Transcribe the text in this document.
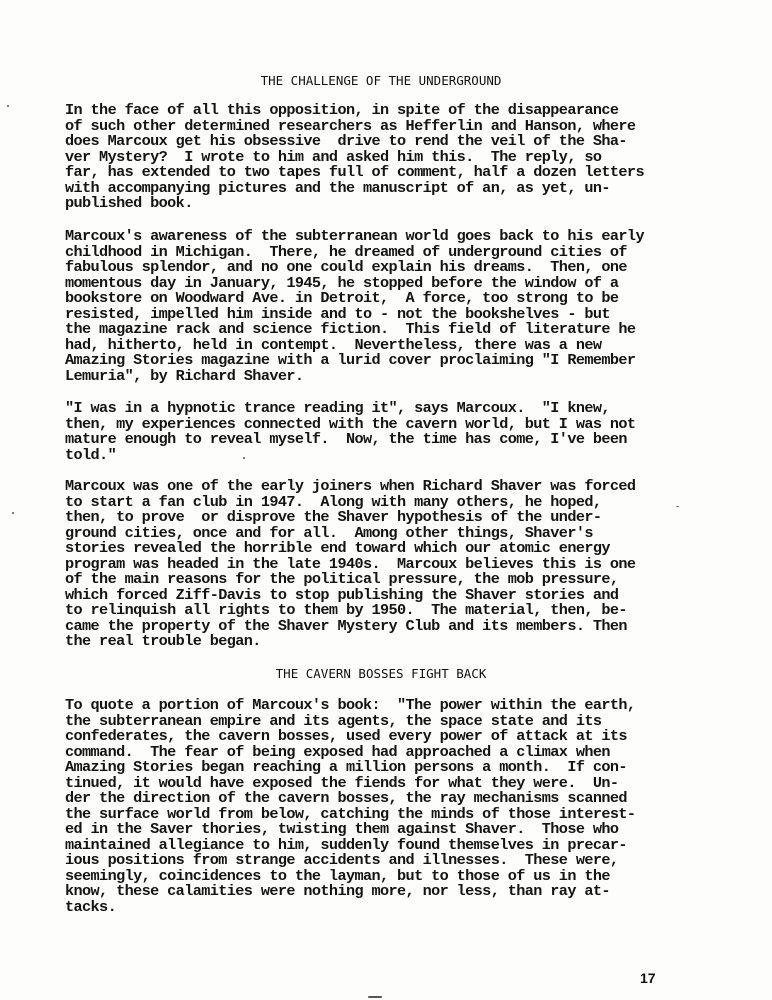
THE CHALLENGE OF THE UNDERGROUND

In the face of all this opposition, in spite of the disappearance
of such other determined researchers as Hefferlin and Hanson, where
does Marcoux get his obsessive  drive to rend the veil of the Sha-
ver Mystery?  I wrote to him and asked him this.  The reply, so
far, has extended to two tapes full of comment, half a dozen letters
with accompanying pictures and the manuscript of an, as yet, un-
published book.

Marcoux's awareness of the subterranean world goes back to his early
childhood in Michigan.  There, he dreamed of underground cities of
fabulous splendor, and no one could explain his dreams.  Then, one
momentous day in January, 1945, he stopped before the window of a
bookstore on Woodward Ave. in Detroit,  A force, too strong to be
resisted, impelled him inside and to - not the bookshelves - but
the magazine rack and science fiction.  This field of literature he
had, hitherto, held in contempt.  Nevertheless, there was a new
Amazing Stories magazine with a lurid cover proclaiming "I Remember
Lemuria", by Richard Shaver.

"I was in a hypnotic trance reading it", says Marcoux.  "I knew,
then, my experiences connected with the cavern world, but I was not
mature enough to reveal myself.  Now, the time has come, I've been
told."

Marcoux was one of the early joiners when Richard Shaver was forced
to start a fan club in 1947.  Along with many others, he hoped,
then, to prove  or disprove the Shaver hypothesis of the under-
ground cities, once and for all.  Among other things, Shaver's
stories revealed the horrible end toward which our atomic energy
program was headed in the late 1940s.  Marcoux believes this is one
of the main reasons for the political pressure, the mob pressure,
which forced Ziff-Davis to stop publishing the Shaver stories and
to relinquish all rights to them by 1950.  The material, then, be-
came the property of the Shaver Mystery Club and its members. Then
the real trouble began.

THE CAVERN BOSSES FIGHT BACK

To quote a portion of Marcoux's book:  "The power within the earth,
the subterranean empire and its agents, the space state and its
confederates, the cavern bosses, used every power of attack at its
command.  The fear of being exposed had approached a climax when
Amazing Stories began reaching a million persons a month.  If con-
tinued, it would have exposed the fiends for what they were.  Un-
der the direction of the cavern bosses, the ray mechanisms scanned
the surface world from below, catching the minds of those interest-
ed in the Saver thories, twisting them against Shaver.  Those who
maintained allegiance to him, suddenly found themselves in precar-
ious positions from strange accidents and illnesses.  These were,
seemingly, coincidences to the layman, but to those of us in the
know, these calamities were nothing more, nor less, than ray at-
tacks.

17
